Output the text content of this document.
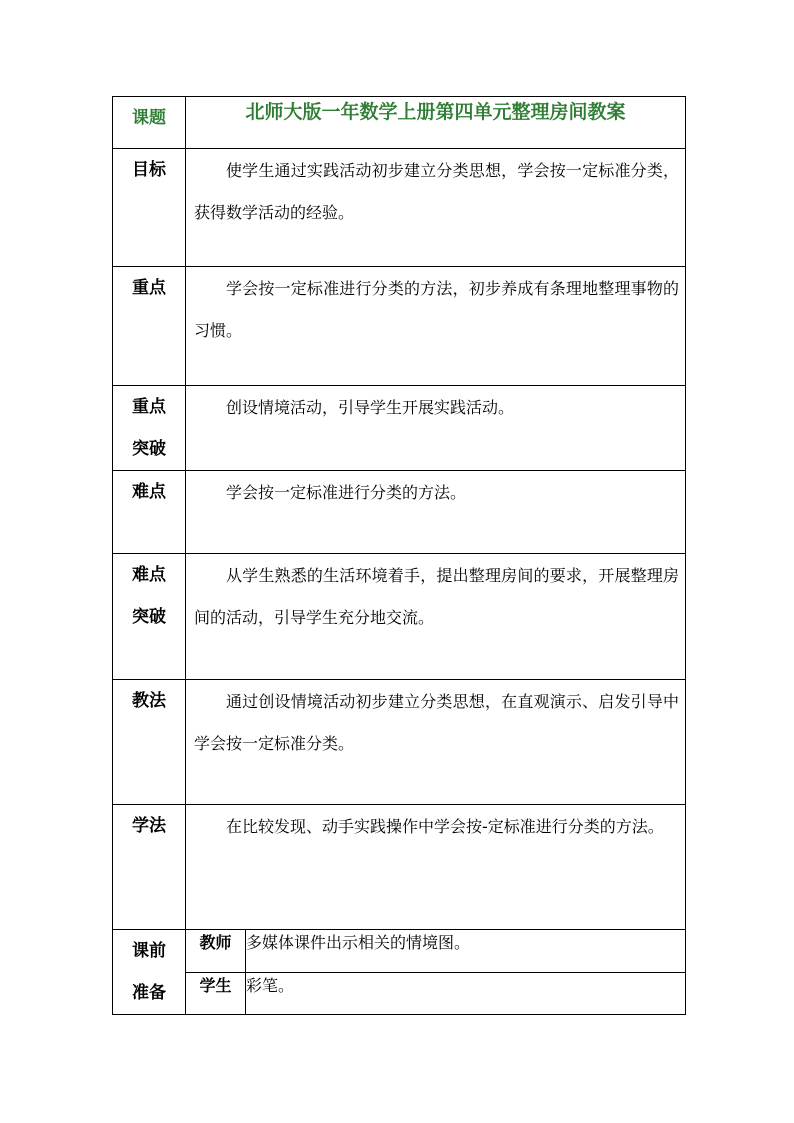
课题	北师大版一年数学上册第四单元整理房间教案	

目标	使学生通过实践活动初步建立分类思想，学会按一定标准分类，获得数学活动的经验。	

重点	学会按一定标准进行分类的方法，初步养成有条理地整理事物的习惯。	

重点
突破	创设情境活动，引导学生开展实践活动。	

难点	学会按一定标准进行分类的方法。	

难点
突破	从学生熟悉的生活环境着手，提出整理房间的要求，开展整理房间的活动，引导学生充分地交流。	

教法	通过创设情境活动初步建立分类思想，在直观演示、启发引导中学会按一定标准分类。	

学法	在比较发现、动手实践操作中学会按-定标准进行分类的方法。	

课前
准备	教师	多媒体课件出示相关的情境图。
	学生	彩笔。
